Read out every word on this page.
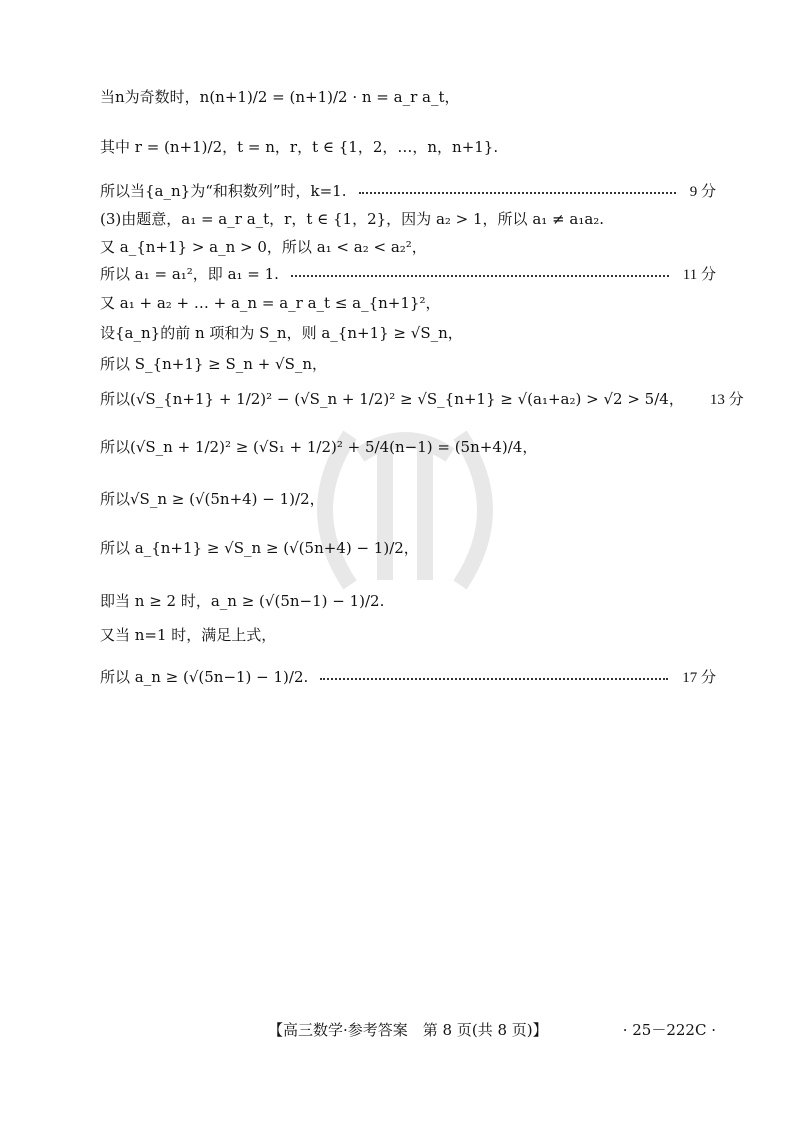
当n为奇数时，n(n+1)/2 = (n+1)/2 · n = a_r a_t，
其中 r = (n+1)/2，t = n，r，t ∈ {1，2，…，n，n+1}.
所以当{a_n}为“和积数列”时，k=1.	9 分
(3)由题意，a₁ = a_r a_t，r，t ∈ {1，2}，因为 a₂ > 1，所以 a₁ ≠ a₁a₂.
又 a_{n+1} > a_n > 0，所以 a₁ < a₂ < a₂²，
所以 a₁ = a₁²，即 a₁ = 1.	11 分
又 a₁ + a₂ + … + a_n = a_r a_t ≤ a_{n+1}²，
设{a_n}的前 n 项和为 S_n，则 a_{n+1} ≥ √S_n，
所以 S_{n+1} ≥ S_n + √S_n，
所以(√S_{n+1} + 1/2)² − (√S_n + 1/2)² ≥ √S_{n+1} ≥ √(a₁+a₂) > √2 > 5/4， 13 分
所以(√S_n + 1/2)² ≥ (√S₁ + 1/2)² + 5/4(n−1) = (5n+4)/4，
所以√S_n ≥ (√(5n+4) − 1)/2，
所以 a_{n+1} ≥ √S_n ≥ (√(5n+4) − 1)/2，
即当 n ≥ 2 时，a_n ≥ (√(5n−1) − 1)/2.
又当 n=1 时，满足上式，
所以 a_n ≥ (√(5n−1) − 1)/2.	17 分
【高三数学·参考答案　第 8 页(共 8 页)】	· 25－222C ·
